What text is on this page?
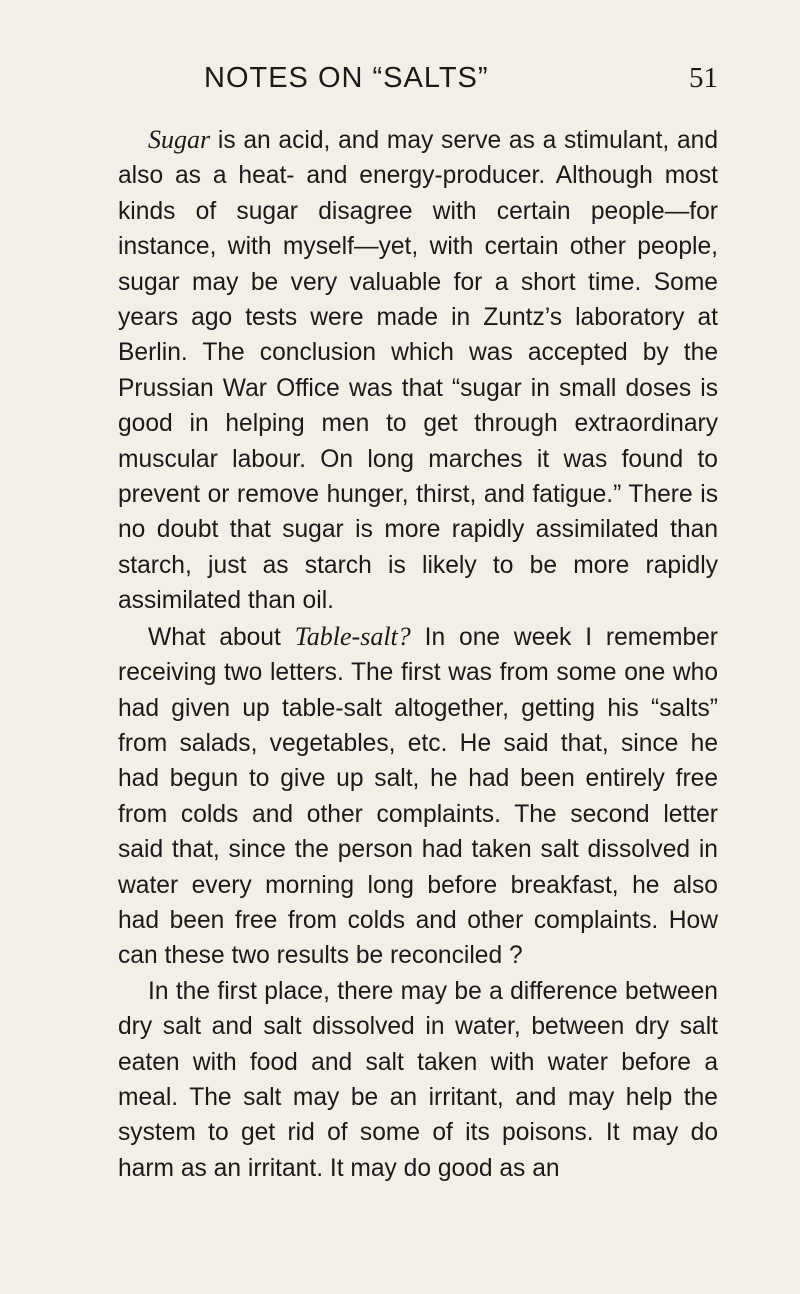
NOTES ON “SALTS”	51

Sugar is an acid, and may serve as a stimulant, and also as a heat- and energy-producer. Although most kinds of sugar disagree with certain people—for instance, with myself—yet, with certain other people, sugar may be very valuable for a short time. Some years ago tests were made in Zuntz’s laboratory at Berlin. The conclusion which was accepted by the Prussian War Office was that “sugar in small doses is good in helping men to get through extraordinary muscular labour. On long marches it was found to prevent or remove hunger, thirst, and fatigue.” There is no doubt that sugar is more rapidly assimilated than starch, just as starch is likely to be more rapidly assimilated than oil.

What about Table-salt? In one week I remember receiving two letters. The first was from some one who had given up table-salt altogether, getting his “salts” from salads, vegetables, etc. He said that, since he had begun to give up salt, he had been entirely free from colds and other complaints. The second letter said that, since the person had taken salt dissolved in water every morning long before breakfast, he also had been free from colds and other complaints. How can these two results be reconciled ?

In the first place, there may be a difference between dry salt and salt dissolved in water, between dry salt eaten with food and salt taken with water before a meal. The salt may be an irritant, and may help the system to get rid of some of its poisons. It may do harm as an irritant. It may do good as an
